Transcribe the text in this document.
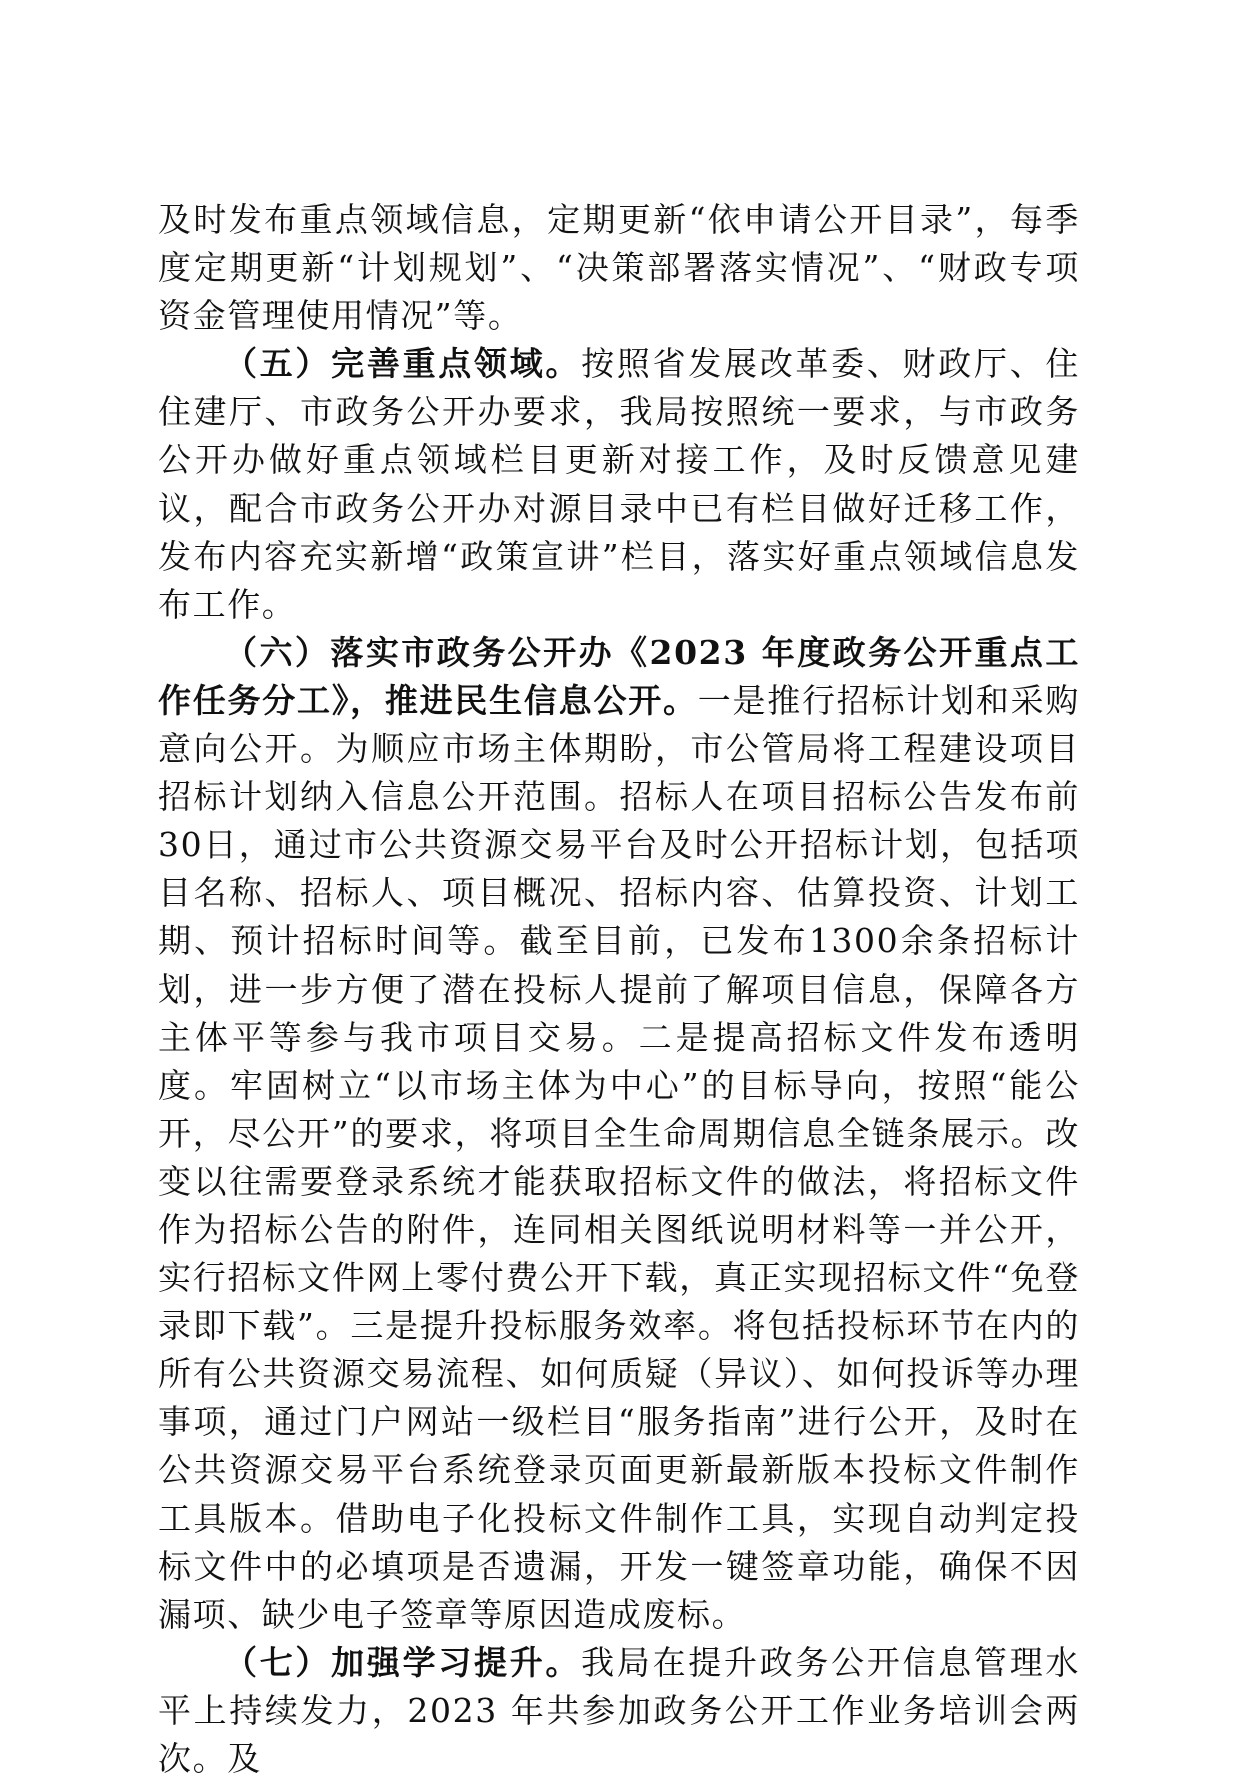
及时发布重点领域信息，定期更新“依申请公开目录”，每季度定期更新“计划规划”、“决策部署落实情况”、“财政专项资金管理使用情况”等。

（五）完善重点领域。按照省发展改革委、财政厅、住住建厅、市政务公开办要求，我局按照统一要求，与市政务公开办做好重点领域栏目更新对接工作，及时反馈意见建议，配合市政务公开办对源目录中已有栏目做好迁移工作，发布内容充实新增“政策宣讲”栏目，落实好重点领域信息发布工作。

（六）落实市政务公开办《2023 年度政务公开重点工作任务分工》，推进民生信息公开。一是推行招标计划和采购意向公开。为顺应市场主体期盼，市公管局将工程建设项目招标计划纳入信息公开范围。招标人在项目招标公告发布前30日，通过市公共资源交易平台及时公开招标计划，包括项目名称、招标人、项目概况、招标内容、估算投资、计划工期、预计招标时间等。截至目前，已发布1300余条招标计划，进一步方便了潜在投标人提前了解项目信息，保障各方主体平等参与我市项目交易。二是提高招标文件发布透明度。牢固树立“以市场主体为中心”的目标导向，按照“能公开，尽公开”的要求，将项目全生命周期信息全链条展示。改变以往需要登录系统才能获取招标文件的做法，将招标文件作为招标公告的附件，连同相关图纸说明材料等一并公开，实行招标文件网上零付费公开下载，真正实现招标文件“免登录即下载”。三是提升投标服务效率。将包括投标环节在内的所有公共资源交易流程、如何质疑（异议）、如何投诉等办理事项，通过门户网站一级栏目“服务指南”进行公开，及时在公共资源交易平台系统登录页面更新最新版本投标文件制作工具版本。借助电子化投标文件制作工具，实现自动判定投标文件中的必填项是否遗漏，开发一键签章功能，确保不因漏项、缺少电子签章等原因造成废标。

（七）加强学习提升。我局在提升政务公开信息管理水平上持续发力，2023 年共参加政务公开工作业务培训会两次。及
